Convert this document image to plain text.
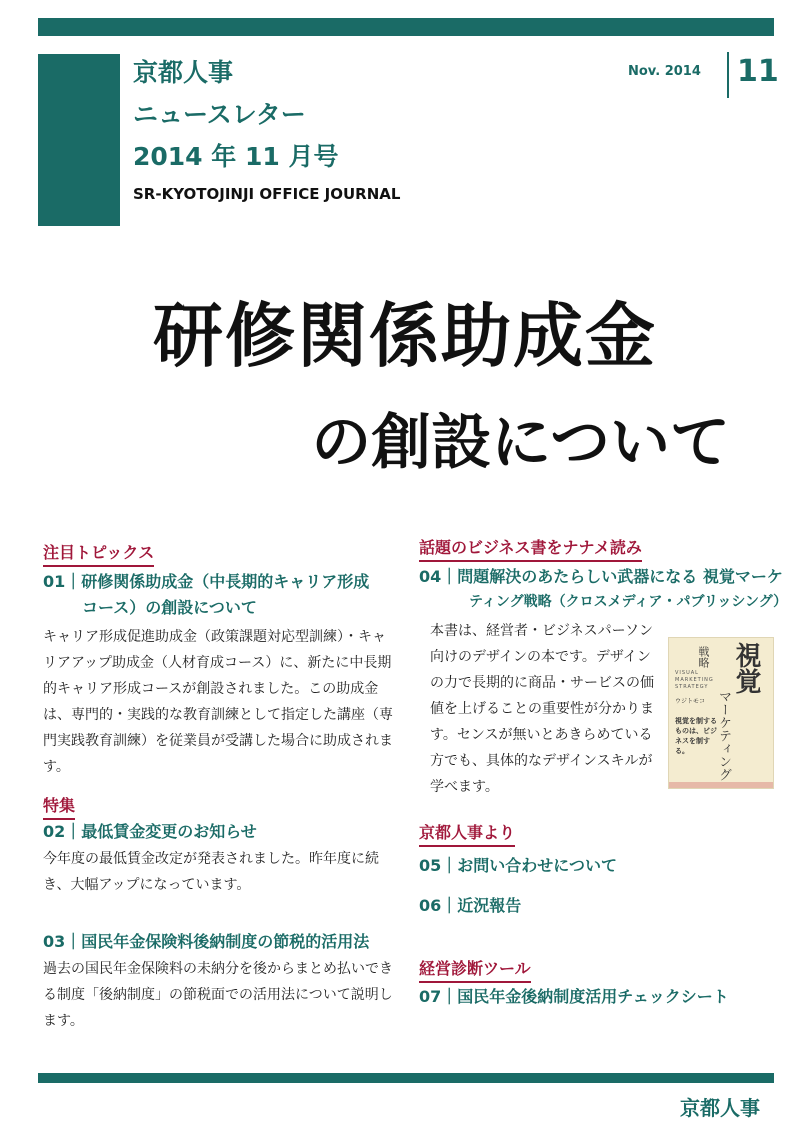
京都人事
ニュースレター
2014 年 11 月号
SR-KYOTOJINJI OFFICE JOURNAL
Nov. 2014 11
研修関係助成金
の創設について
注目トピックス
01｜研修関係助成金（中長期的キャリア形成
コース）の創設について
キャリア形成促進助成金（政策課題対応型訓練）・キャリアアップ助成金（人材育成コース）に、新たに中長期的キャリア形成コースが創設されました。この助成金は、専門的・実践的な教育訓練として指定した講座（専門実践教育訓練）を従業員が受講した場合に助成されます。
特集
02｜最低賃金変更のお知らせ
今年度の最低賃金改定が発表されました。昨年度に続き、大幅アップになっています。
03｜国民年金保険料後納制度の節税的活用法
過去の国民年金保険料の未納分を後からまとめ払いできる制度「後納制度」の節税面での活用法について説明します。
話題のビジネス書をナナメ読み
04｜問題解決のあたらしい武器になる 視覚マーケ
ティング戦略（クロスメディア・パブリッシング）
本書は、経営者・ビジネスパーソン向けのデザインの本です。デザインの力で長期的に商品・サービスの価値を上げることの重要性が分かります。センスが無いとあきらめている方でも、具体的なデザインスキルが学べます。
視覚
マーケティング
戦略
VISUAL MARKETING STRATEGY
ウジトモコ
視覚を制するものは、ビジネスを制する。
京都人事より
05｜お問い合わせについて
06｜近況報告
経営診断ツール
07｜国民年金後納制度活用チェックシート
京都人事
